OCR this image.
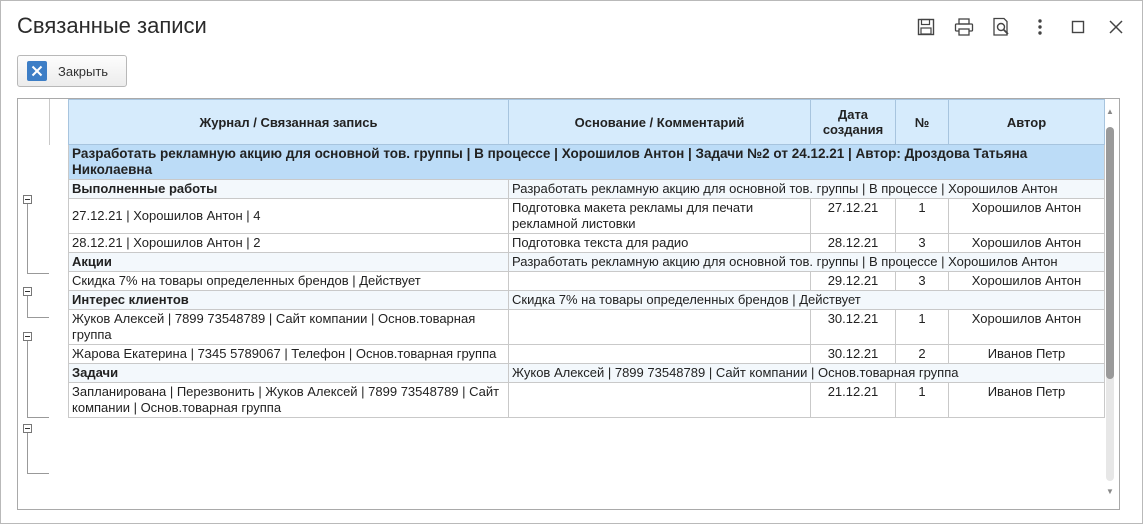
Связанные записи
Закрыть
Журнал / Связанная запись	Основание / Комментарий	Дата создания	№	Автор
Разработать рекламную акцию для основной тов. группы | В процессе | Хорошилов Антон | Задачи №2 от 24.12.21 | Автор: Дроздова Татьяна Николаевна				
Выполненные работы	Разработать рекламную акцию для основной тов. группы | В процессе | Хорошилов Антон			
27.12.21 | Хорошилов Антон | 4	Подготовка макета рекламы для печати рекламной листовки	27.12.21	1	Хорошилов Антон
28.12.21 | Хорошилов Антон | 2	Подготовка текста для радио	28.12.21	3	Хорошилов Антон
Акции	Разработать рекламную акцию для основной тов. группы | В процессе | Хорошилов Антон			
Скидка 7% на товары определенных брендов | Действует		29.12.21	3	Хорошилов Антон
Интерес клиентов	Скидка 7% на товары определенных брендов | Действует			
Жуков Алексей | 7899 73548789 | Сайт компании | Основ.товарная группа		30.12.21	1	Хорошилов Антон
Жарова Екатерина | 7345 5789067 | Телефон | Основ.товарная группа		30.12.21	2	Иванов Петр
Задачи	Жуков Алексей | 7899 73548789 | Сайт компании | Основ.товарная группа			
Запланирована | Перезвонить | Жуков Алексей | 7899 73548789 | Сайт компании | Основ.товарная группа		21.12.21	1	Иванов Петр
▲
▼
